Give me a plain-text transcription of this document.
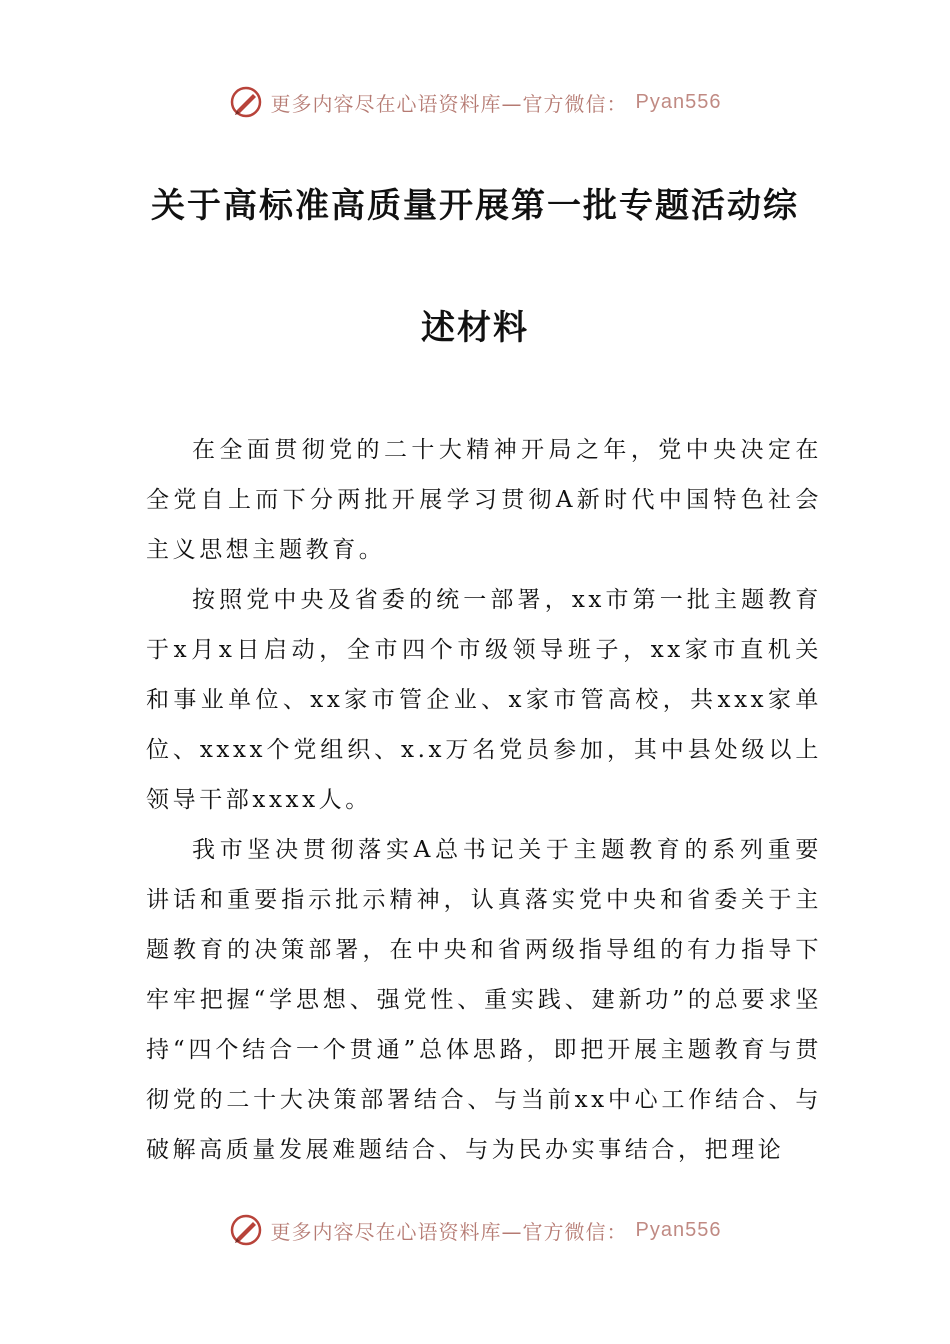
更多内容尽在心语资料库—官方微信： Pyan556
关于高标准高质量开展第一批专题活动综
述材料

在全面贯彻党的二十大精神开局之年，党中央决定在全党自上而下分两批开展学习贯彻A新时代中国特色社会主义思想主题教育。

按照党中央及省委的统一部署，xx市第一批主题教育于x月x日启动，全市四个市级领导班子，xx家市直机关和事业单位、xx家市管企业、x家市管高校，共xxx家单位、xxxx个党组织、x.x万名党员参加，其中县处级以上领导干部xxxx人。

我市坚决贯彻落实A总书记关于主题教育的系列重要讲话和重要指示批示精神，认真落实党中央和省委关于主题教育的决策部署，在中央和省两级指导组的有力指导下牢牢把握“学思想、强党性、重实践、建新功”的总要求坚持“四个结合一个贯通”总体思路，即把开展主题教育与贯彻党的二十大决策部署结合、与当前xx中心工作结合、与破解高质量发展难题结合、与为民办实事结合，把理论

更多内容尽在心语资料库—官方微信： Pyan556
